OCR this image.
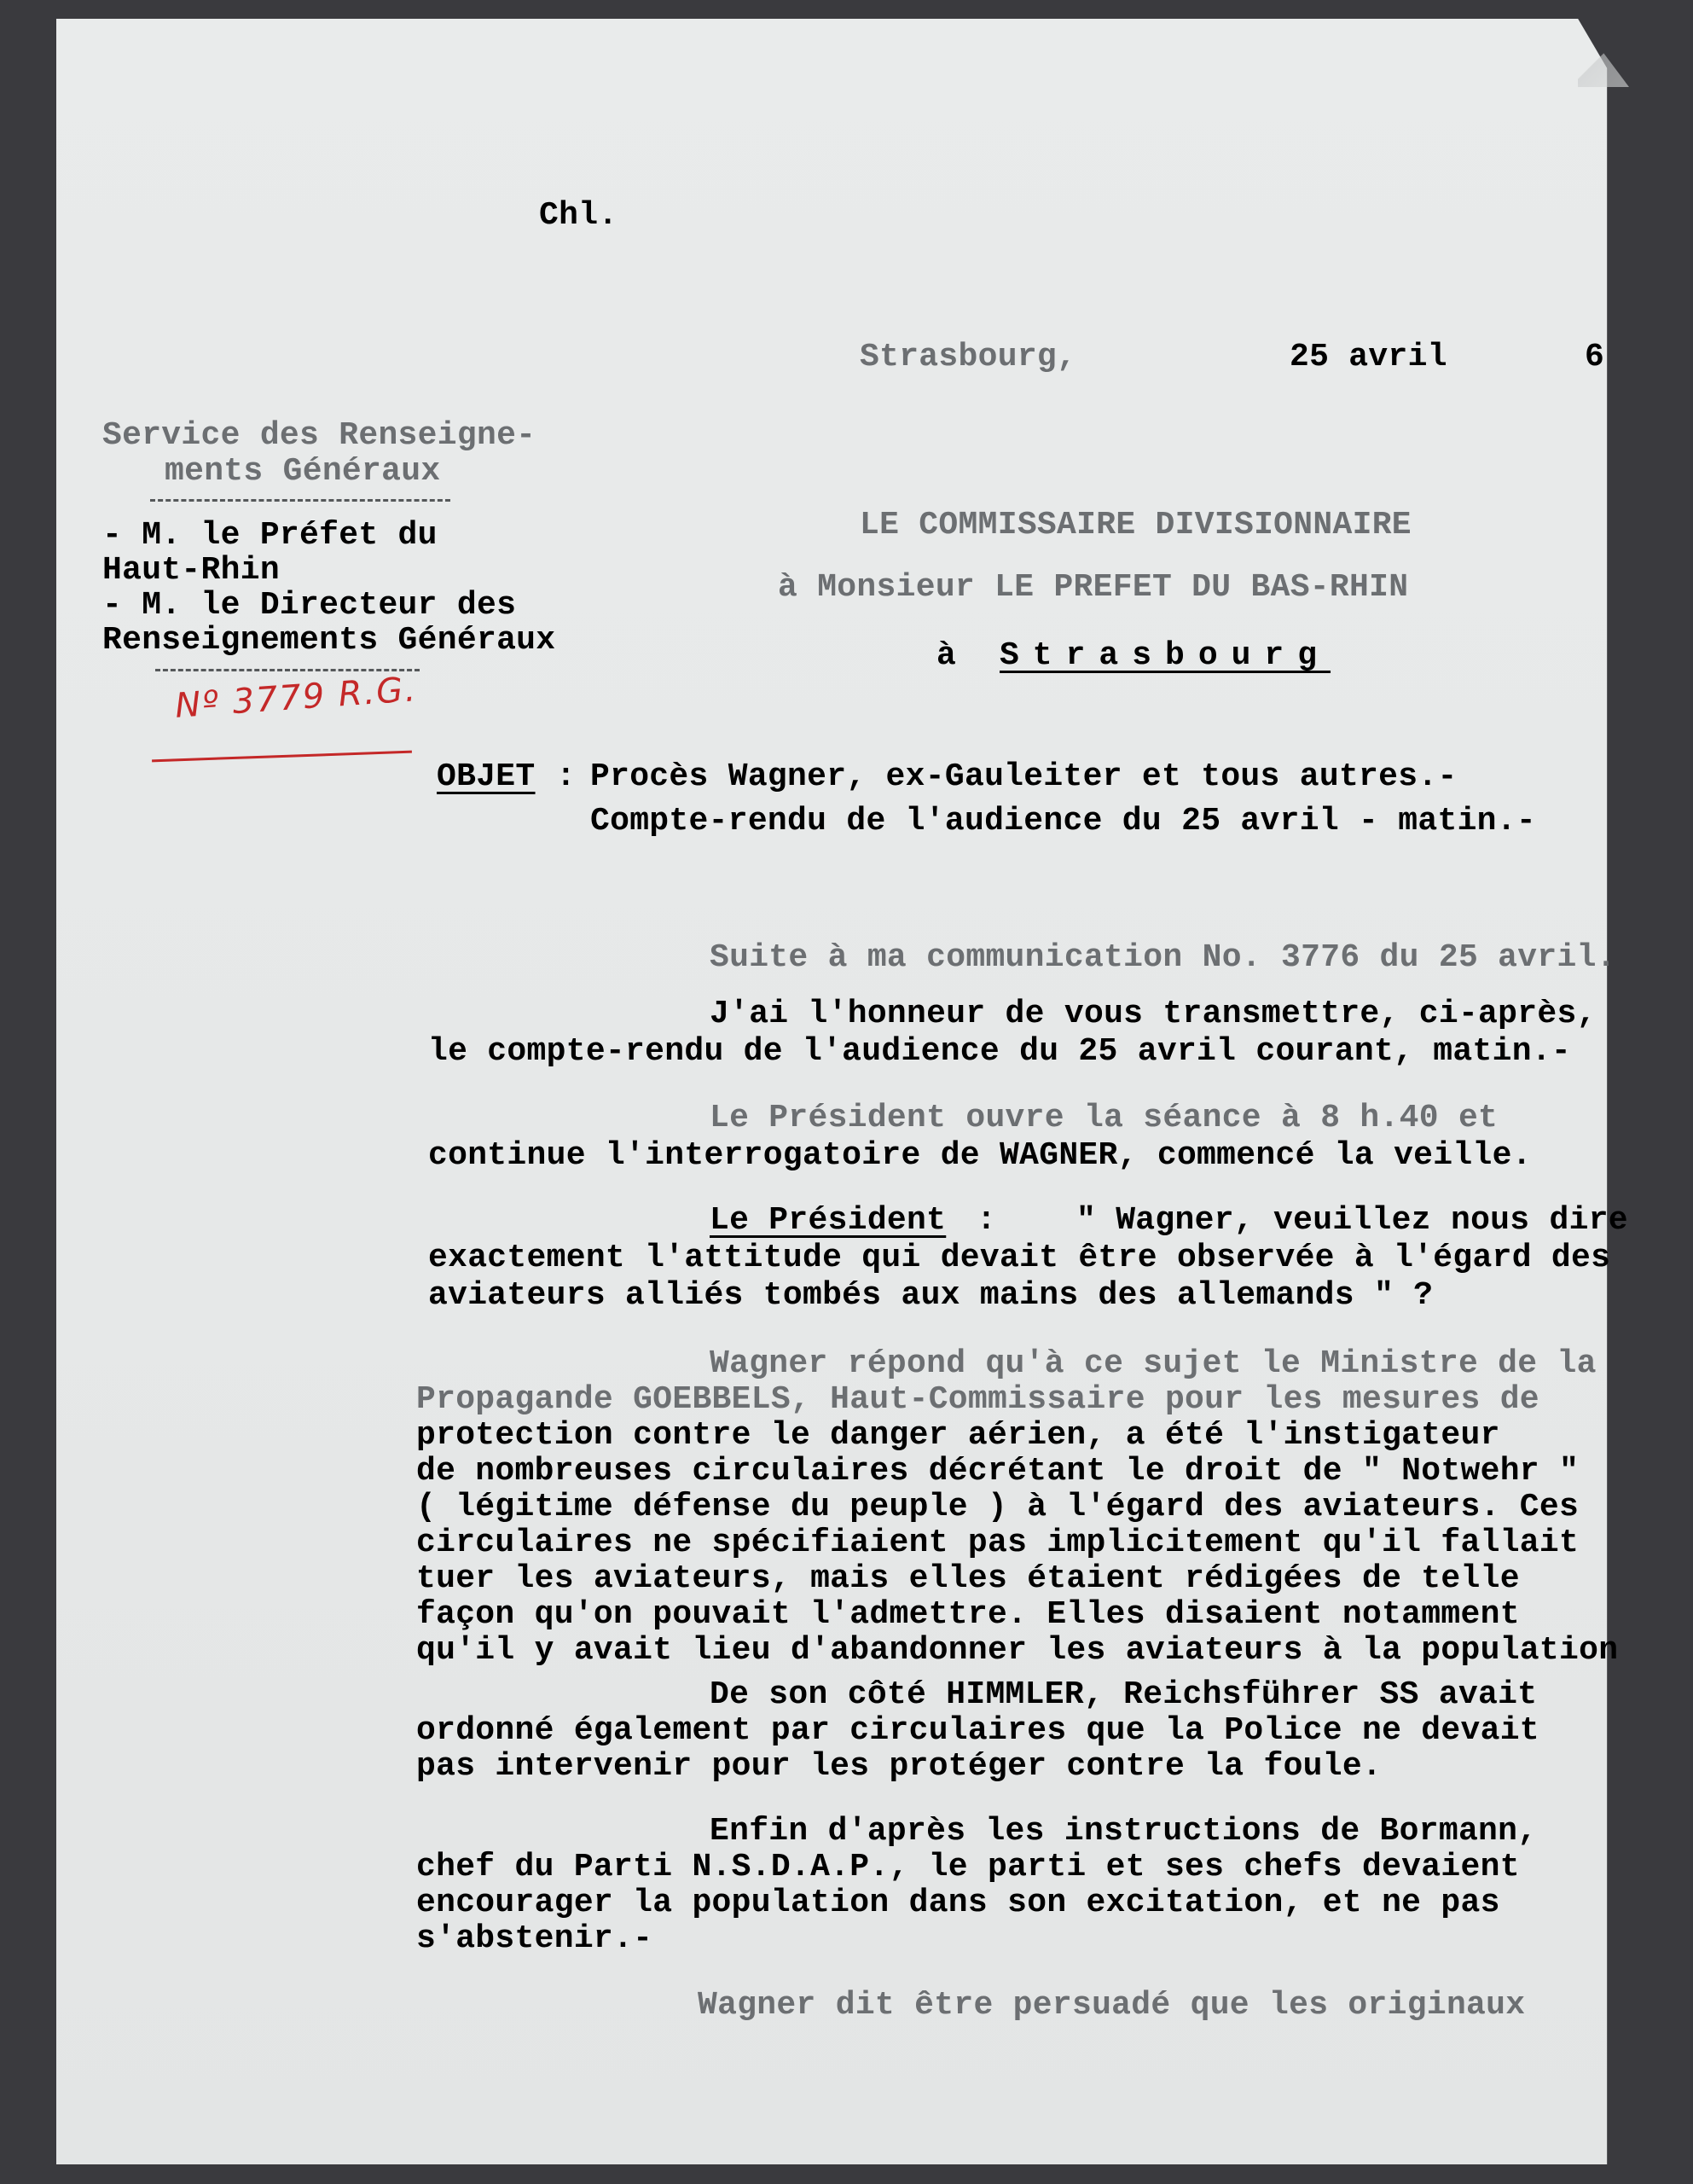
Chl.
Strasbourg,	25 avril	6
Service des Renseigne-
ments Généraux
- M. le Préfet du
Haut-Rhin
- M. le Directeur des
Renseignements Généraux
Nº 3779 R.G.
LE COMMISSAIRE DIVISIONNAIRE
à Monsieur LE PREFET DU BAS-RHIN
à Strasbourg
OBJET : Procès Wagner, ex-Gauleiter et tous autres.-
Compte-rendu de l'audience du 25 avril - matin.-
Suite à ma communication No. 3776 du 25 avril.
J'ai l'honneur de vous transmettre, ci-après,
le compte-rendu de l'audience du 25 avril courant, matin.-
Le Président ouvre la séance à 8 h.40 et
continue l'interrogatoire de WAGNER, commencé la veille.
Le Président : " Wagner, veuillez nous dire
exactement l'attitude qui devait être observée à l'égard des
aviateurs alliés tombés aux mains des allemands " ?
Wagner répond qu'à ce sujet le Ministre de la
Propagande GOEBBELS, Haut-Commissaire pour les mesures de
protection contre le danger aérien, a été l'instigateur
de nombreuses circulaires décrétant le droit de " Notwehr "
( légitime défense du peuple ) à l'égard des aviateurs. Ces
circulaires ne spécifiaient pas implicitement qu'il fallait
tuer les aviateurs, mais elles étaient rédigées de telle
façon qu'on pouvait l'admettre. Elles disaient notamment
qu'il y avait lieu d'abandonner les aviateurs à la population
De son côté HIMMLER, Reichsführer SS avait
ordonné également par circulaires que la Police ne devait
pas intervenir pour les protéger contre la foule.
Enfin d'après les instructions de Bormann,
chef du Parti N.S.D.A.P., le parti et ses chefs devaient
encourager la population dans son excitation, et ne pas
s'abstenir.-
Wagner dit être persuadé que les originaux
